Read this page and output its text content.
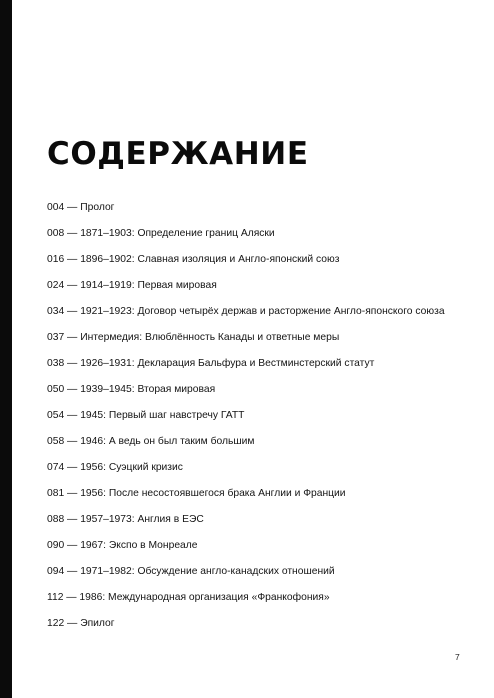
СОДЕРЖАНИЕ
004 — Пролог
008 — 1871–1903: Определение границ Аляски
016 — 1896–1902: Славная изоляция и Англо-японский союз
024 — 1914–1919: Первая мировая
034 — 1921–1923: Договор четырёх держав и расторжение Англо-японского союза
037 — Интермедия: Влюблённость Канады и ответные меры
038 — 1926–1931: Декларация Бальфура и Вестминстерский статут
050 — 1939–1945: Вторая мировая
054 — 1945: Первый шаг навстречу ГАТТ
058 — 1946: А ведь он был таким большим
074 — 1956: Суэцкий кризис
081 — 1956: После несостоявшегося брака Англии и Франции
088 — 1957–1973: Англия в ЕЭС
090 — 1967: Экспо в Монреале
094 — 1971–1982: Обсуждение англо-канадских отношений
112 — 1986: Международная организация «Франкофония»
122 — Эпилог
7
